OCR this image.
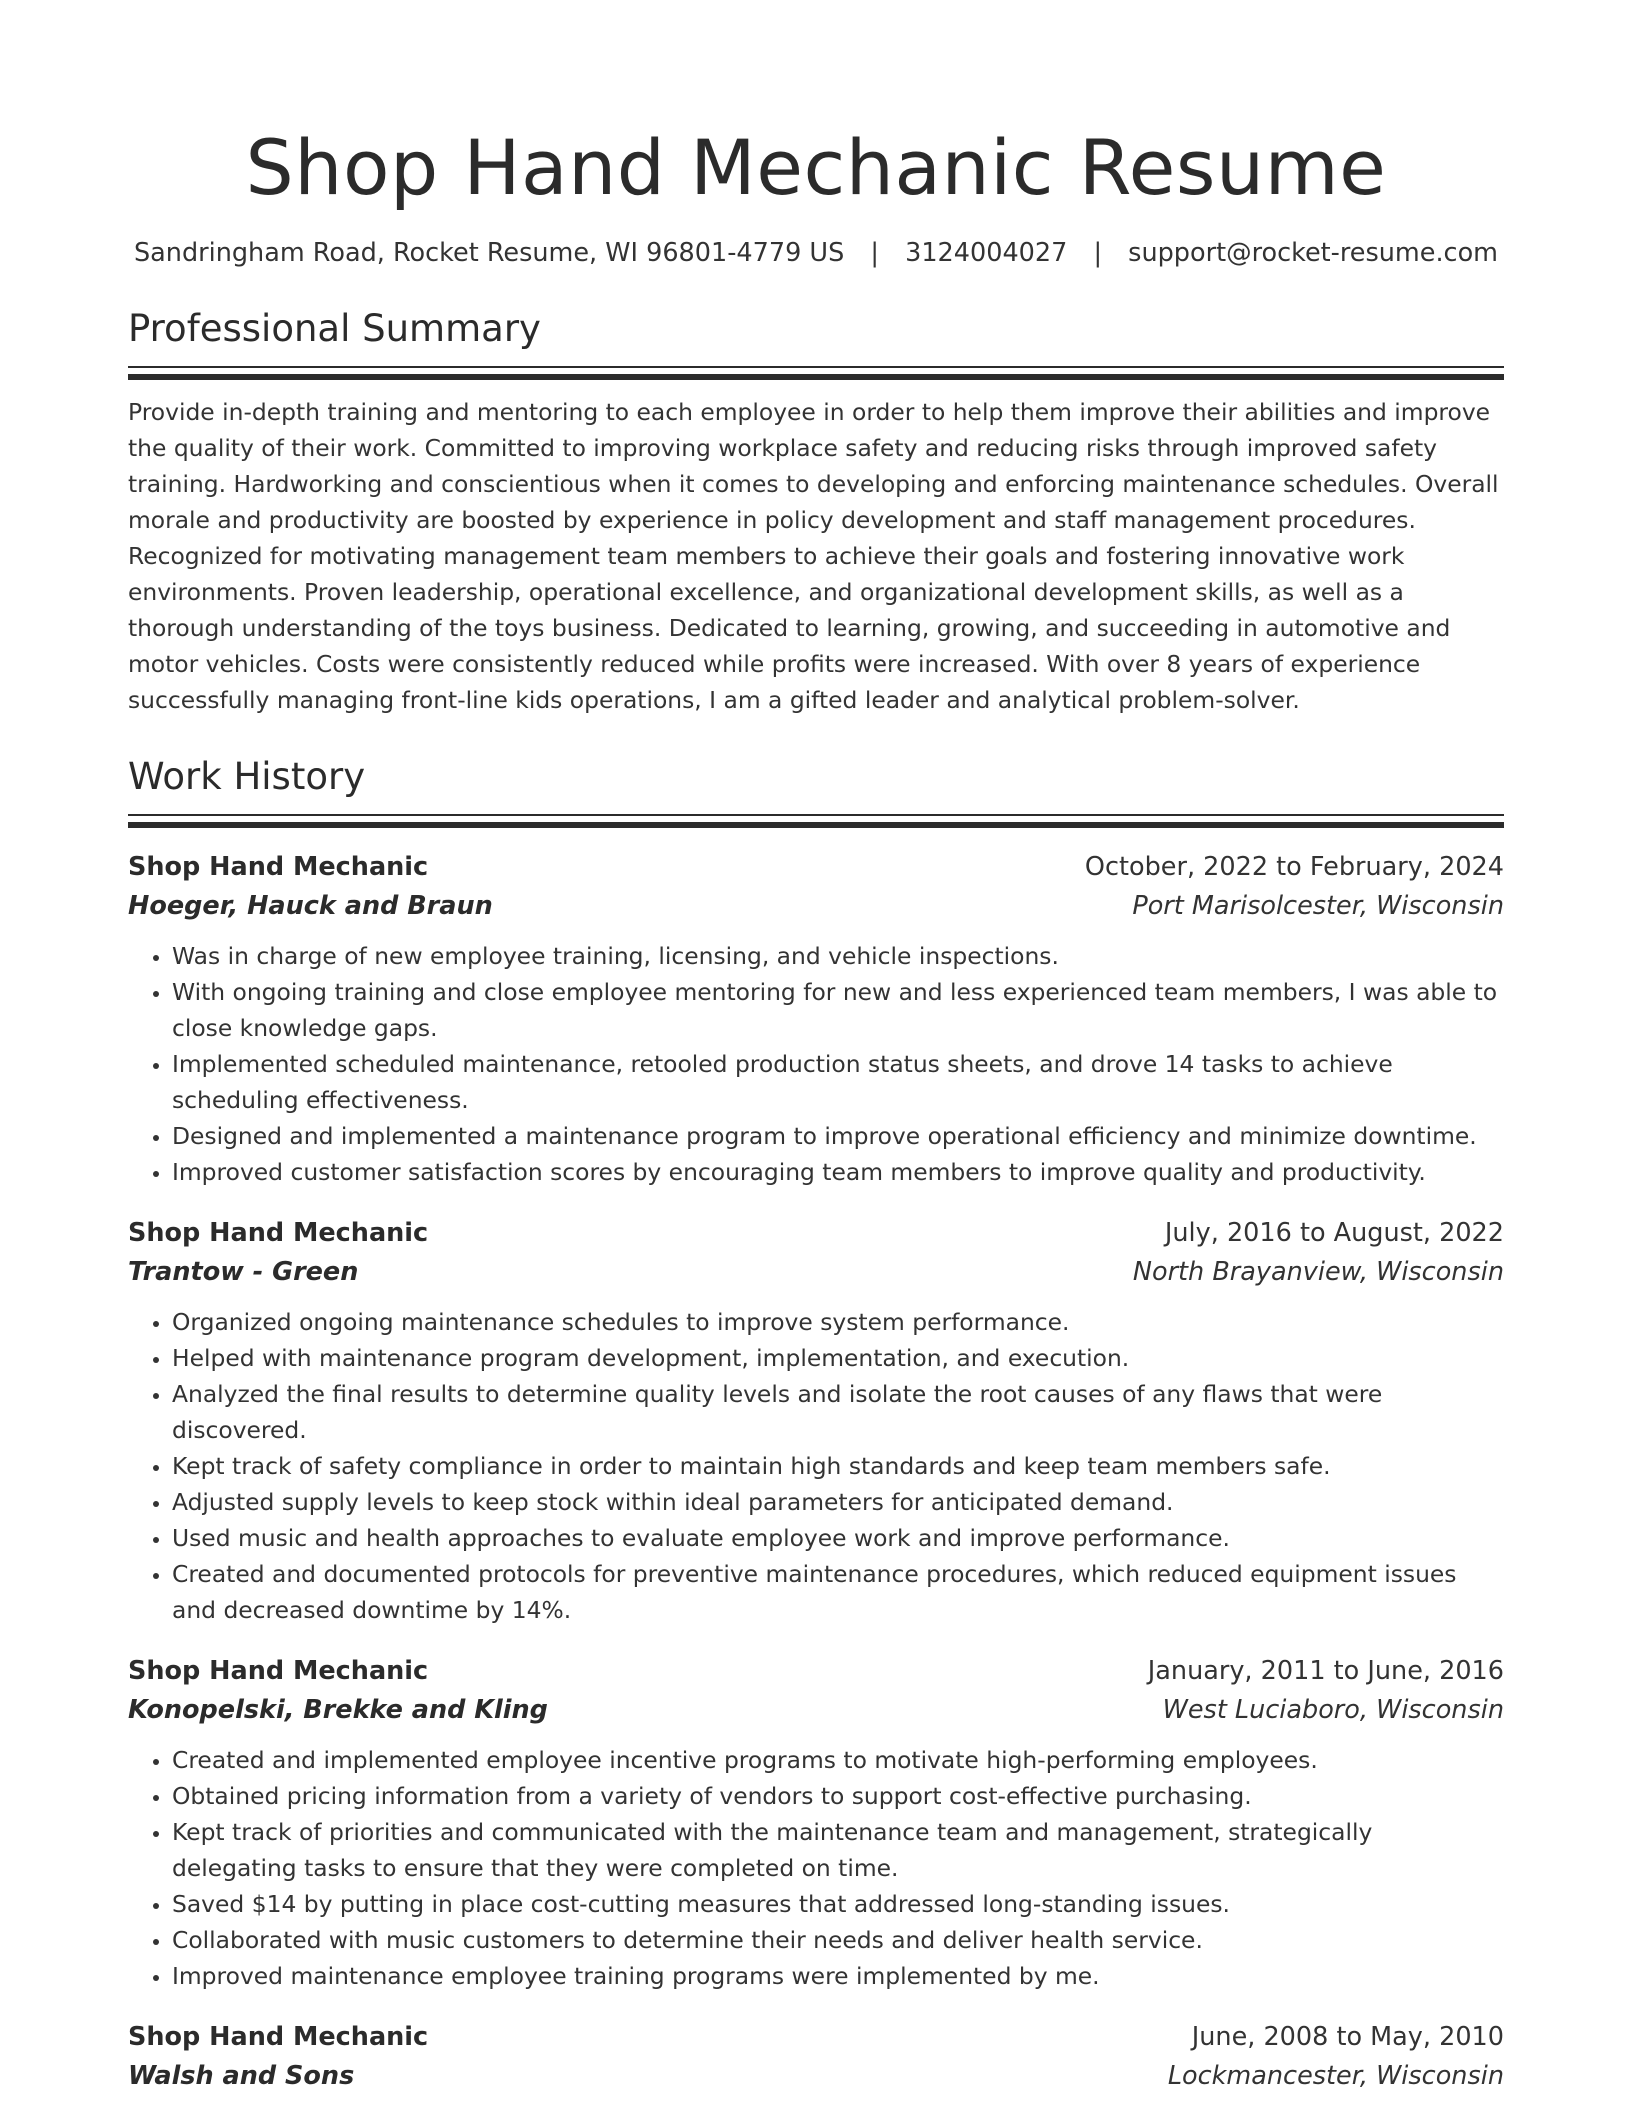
Shop Hand Mechanic Resume
Sandringham Road, Rocket Resume, WI 96801-4779 US | 3124004027 | support@rocket-resume.com
Professional Summary

Provide in-depth training and mentoring to each employee in order to help them improve their abilities and improve the quality of their work. Committed to improving workplace safety and reducing risks through improved safety training. Hardworking and conscientious when it comes to developing and enforcing maintenance schedules. Overall morale and productivity are boosted by experience in policy development and staff management procedures. Recognized for motivating management team members to achieve their goals and fostering innovative work environments. Proven leadership, operational excellence, and organizational development skills, as well as a thorough understanding of the toys business. Dedicated to learning, growing, and succeeding in automotive and motor vehicles. Costs were consistently reduced while profits were increased. With over 8 years of experience successfully managing front-line kids operations, I am a gifted leader and analytical problem-solver.

Work History
Shop Hand Mechanic	October, 2022 to February, 2024
Hoeger, Hauck and Braun	Port Marisolcester, Wisconsin
• Was in charge of new employee training, licensing, and vehicle inspections.
• With ongoing training and close employee mentoring for new and less experienced team members, I was able to close knowledge gaps.
• Implemented scheduled maintenance, retooled production status sheets, and drove 14 tasks to achieve scheduling effectiveness.
• Designed and implemented a maintenance program to improve operational efficiency and minimize downtime.
• Improved customer satisfaction scores by encouraging team members to improve quality and productivity.
Shop Hand Mechanic	July, 2016 to August, 2022
Trantow - Green	North Brayanview, Wisconsin
• Organized ongoing maintenance schedules to improve system performance.
• Helped with maintenance program development, implementation, and execution.
• Analyzed the final results to determine quality levels and isolate the root causes of any flaws that were discovered.
• Kept track of safety compliance in order to maintain high standards and keep team members safe.
• Adjusted supply levels to keep stock within ideal parameters for anticipated demand.
• Used music and health approaches to evaluate employee work and improve performance.
• Created and documented protocols for preventive maintenance procedures, which reduced equipment issues and decreased downtime by 14%.
Shop Hand Mechanic	January, 2011 to June, 2016
Konopelski, Brekke and Kling	West Luciaboro, Wisconsin
• Created and implemented employee incentive programs to motivate high-performing employees.
• Obtained pricing information from a variety of vendors to support cost-effective purchasing.
• Kept track of priorities and communicated with the maintenance team and management, strategically delegating tasks to ensure that they were completed on time.
• Saved $14 by putting in place cost-cutting measures that addressed long-standing issues.
• Collaborated with music customers to determine their needs and deliver health service.
• Improved maintenance employee training programs were implemented by me.
Shop Hand Mechanic	June, 2008 to May, 2010
Walsh and Sons	Lockmancester, Wisconsin
